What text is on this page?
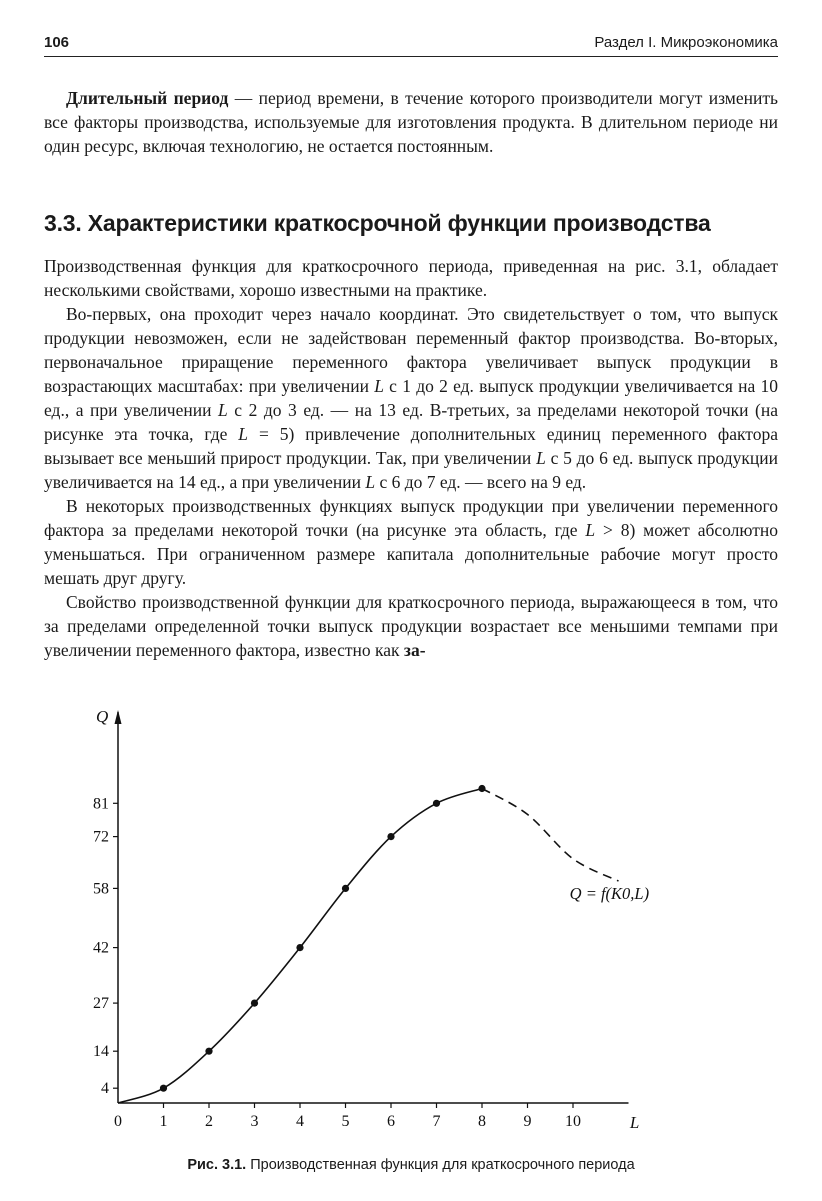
106	Раздел I. Микроэкономика

Длительный период — период времени, в течение которого производители могут изменить все факторы производства, используемые для изготовления продукта. В длительном периоде ни один ресурс, включая технологию, не остается постоянным.

3.3. Характеристики краткосрочной функции производства

Производственная функция для краткосрочного периода, приведенная на рис. 3.1, обладает несколькими свойствами, хорошо известными на практике.

Во-первых, она проходит через начало координат. Это свидетельствует о том, что выпуск продукции невозможен, если не задействован переменный фактор производства. Во-вторых, первоначальное приращение переменного фактора увеличивает выпуск продукции в возрастающих масштабах: при увеличении L с 1 до 2 ед. выпуск продукции увеличивается на 10 ед., а при увеличении L с 2 до 3 ед. — на 13 ед. В-третьих, за пределами некоторой точки (на рисунке эта точка, где L = 5) привлечение дополнительных единиц переменного фактора вызывает все меньший прирост продукции. Так, при увеличении L с 5 до 6 ед. выпуск продукции увеличивается на 14 ед., а при увеличении L с 6 до 7 ед. — всего на 9 ед.

В некоторых производственных функциях выпуск продукции при увеличении переменного фактора за пределами некоторой точки (на рисунке эта область, где L > 8) может абсолютно уменьшаться. При ограниченном размере капитала дополнительные рабочие могут просто мешать друг другу.

Свойство производственной функции для краткосрочного периода, выражающееся в том, что за пределами определенной точки выпуск продукции возрастает все меньшими темпами при увеличении переменного фактора, известно как за-

Q
L
0 1 2 3 4 5 6 7 8 9 10
4
14
27
42
58
72
81
Q = f(K0,L)
Рис. 3.1. Производственная функция для краткосрочного периода
